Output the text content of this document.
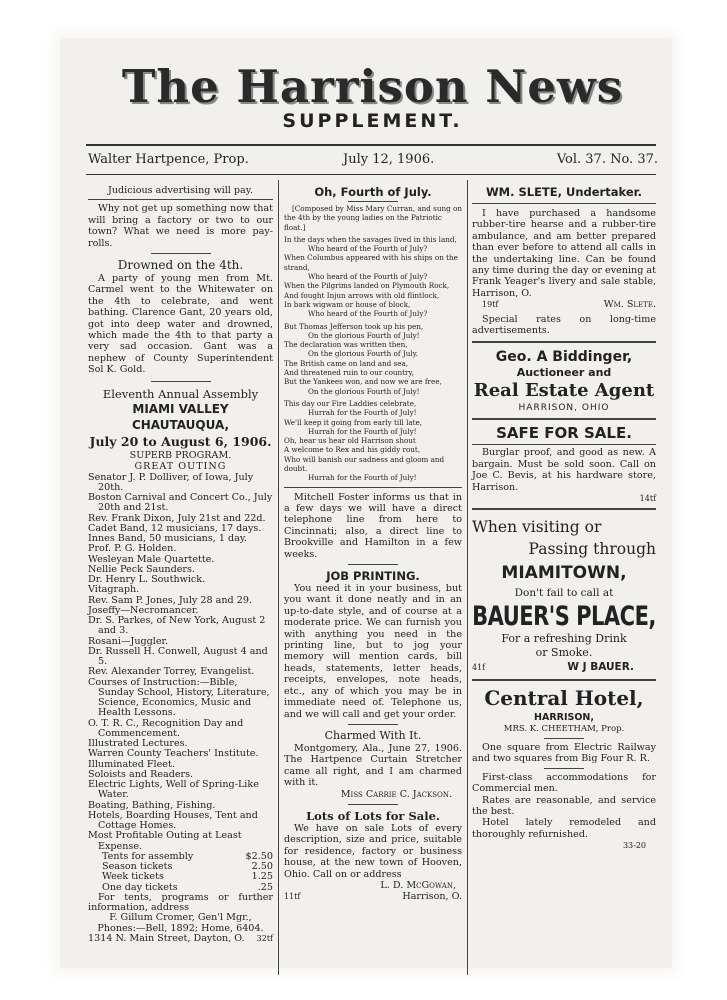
The Harrison News
SUPPLEMENT.
Walter Hartpence, Prop.	July 12, 1906.	Vol. 37. No. 37.

Judicious advertising will pay.

Why not get up something now that will bring a factory or two to our town? What we need is more pay-rolls.

Drowned on the 4th.

A party of young men from Mt. Carmel went to the Whitewater on the 4th to celebrate, and went bathing. Clarence Gant, 20 years old, got into deep water and drowned, which made the 4th to that party a very sad occasion. Gant was a nephew of County Superintendent Sol K. Gold.

Eleventh Annual Assembly

MIAMI VALLEY CHAUTAUQUA,

July 20 to August 6, 1906.

SUPERB PROGRAM.

GREAT OUTING

Senator J. P. Dolliver, of Iowa, July 20th.

Boston Carnival and Concert Co., July 20th and 21st.

Rev. Frank Dixon, July 21st and 22d.

Cadet Band, 12 musicians, 17 days.

Innes Band, 50 musicians, 1 day.

Prof. P. G. Holden.

Wesleyan Male Quartette.

Nellie Peck Saunders.

Dr. Henry L. Southwick.

Vitagraph.

Rev. Sam P. Jones, July 28 and 29.

Joseffy—Necromancer.

Dr. S. Parkes, of New York, August 2 and 3.

Rosani—Juggler.

Dr. Russell H. Conwell, August 4 and 5.

Rev. Alexander Torrey, Evangelist.

Courses of Instruction:—Bible, Sunday School, History, Literature, Science, Economics, Music and Health Lessons.

O. T. R. C., Recognition Day and Commencement.

Illustrated Lectures.

Warren County Teachers' Institute.

Illuminated Fleet.

Soloists and Readers.

Electric Lights, Well of Spring-Like Water.

Boating, Bathing, Fishing.

Hotels, Boarding Houses, Tent and Cottage Homes.

Most Profitable Outing at Least Expense.

Tents for assembly	$2.50

Season tickets	2.50

Week tickets	1.25

One day tickets	.25

For tents, programs or further information, address

F. Gillum Cromer, Gen'l Mgr.,

Phones:—Bell, 1892; Home, 6404.

1314 N. Main Street, Dayton, O. 32tf

Oh, Fourth of July.

[Composed by Miss Mary Curran, and sung on the 4th by the young ladies on the Patriotic float.]

In the days when the savages lived in this land,

Who heard of the Fourth of July?

When Columbus appeared with his ships on the strand,

Who heard of the Fourth of July?

When the Pilgrims landed on Plymouth Rock,

And fought Injun arrows with old flintlock,

In bark wigwam or house of block,

Who heard of the Fourth of July?

But Thomas Jefferson took up his pen,

On the glorious Fourth of July!

The declaration was written then,

On the glorious Fourth of July.

The British came on land and sea,

And threatened ruin to our country,

But the Yankees won, and now we are free,

On the glorious Fourth of July!

This day our Fire Laddies celebrate,

Hurrah for the Fourth of July!

We'll keep it going from early till late,

Hurrah for the Fourth of July!

Oh, hear us hear old Harrison shout

A welcome to Rex and his giddy rout,

Who will banish our sadness and gloom and doubt.

Hurrah for the Fourth of July!

Mitchell Foster informs us that in a few days we will have a direct telephone line from here to Cincinnati; also, a direct line to Brookville and Hamilton in a few weeks.

JOB PRINTING.

You need it in your business, but you want it done neatly and in an up-to-date style, and of course at a moderate price. We can furnish you with anything you need in the printing line, but to jog your memory will mention cards, bill heads, statements, letter heads, receipts, envelopes, note heads, etc., any of which you may be in immediate need of. Telephone us, and we will call and get your order.

Charmed With It.

Montgomery, Ala., June 27, 1906. The Hartpence Curtain Stretcher came all right, and I am charmed with it.

Miss Carrie C. Jackson.

Lots of Lots for Sale.

We have on sale Lots of every description, size and price, suitable for residence, factory or business house, at the new town of Hooven, Ohio. Call on or address

L. D. McGowan,

11tf	Harrison, O.

WM. SLETE, Undertaker.

I have purchased a handsome rubber-tire hearse and a rubber-tire ambulance, and am better prepared than ever before to attend all calls in the undertaking line. Can be found any time during the day or evening at Frank Yeager's livery and sale stable, Harrison, O.

19tf	Wm. Slete.

Special rates on long-time advertisements.

Geo. A Biddinger,

Auctioneer and

Real Estate Agent

HARRISON, OHIO

SAFE FOR SALE.

Burglar proof, and good as new. A bargain. Must be sold soon. Call on Joe C. Bevis, at his hardware store, Harrison.

14tf

When visiting or

Passing through

MIAMITOWN,

Don't fail to call at

BAUER'S PLACE,

For a refreshing Drink

or Smoke.

41f	W J BAUER.

Central Hotel,

HARRISON,

MRS. K. CHEETHAM, Prop.

One square from Electric Railway and two squares from Big Four R. R.

First-class accommodations for Commercial men.

Rates are reasonable, and service the best.

Hotel lately remodeled and thoroughly refurnished.

33-20
